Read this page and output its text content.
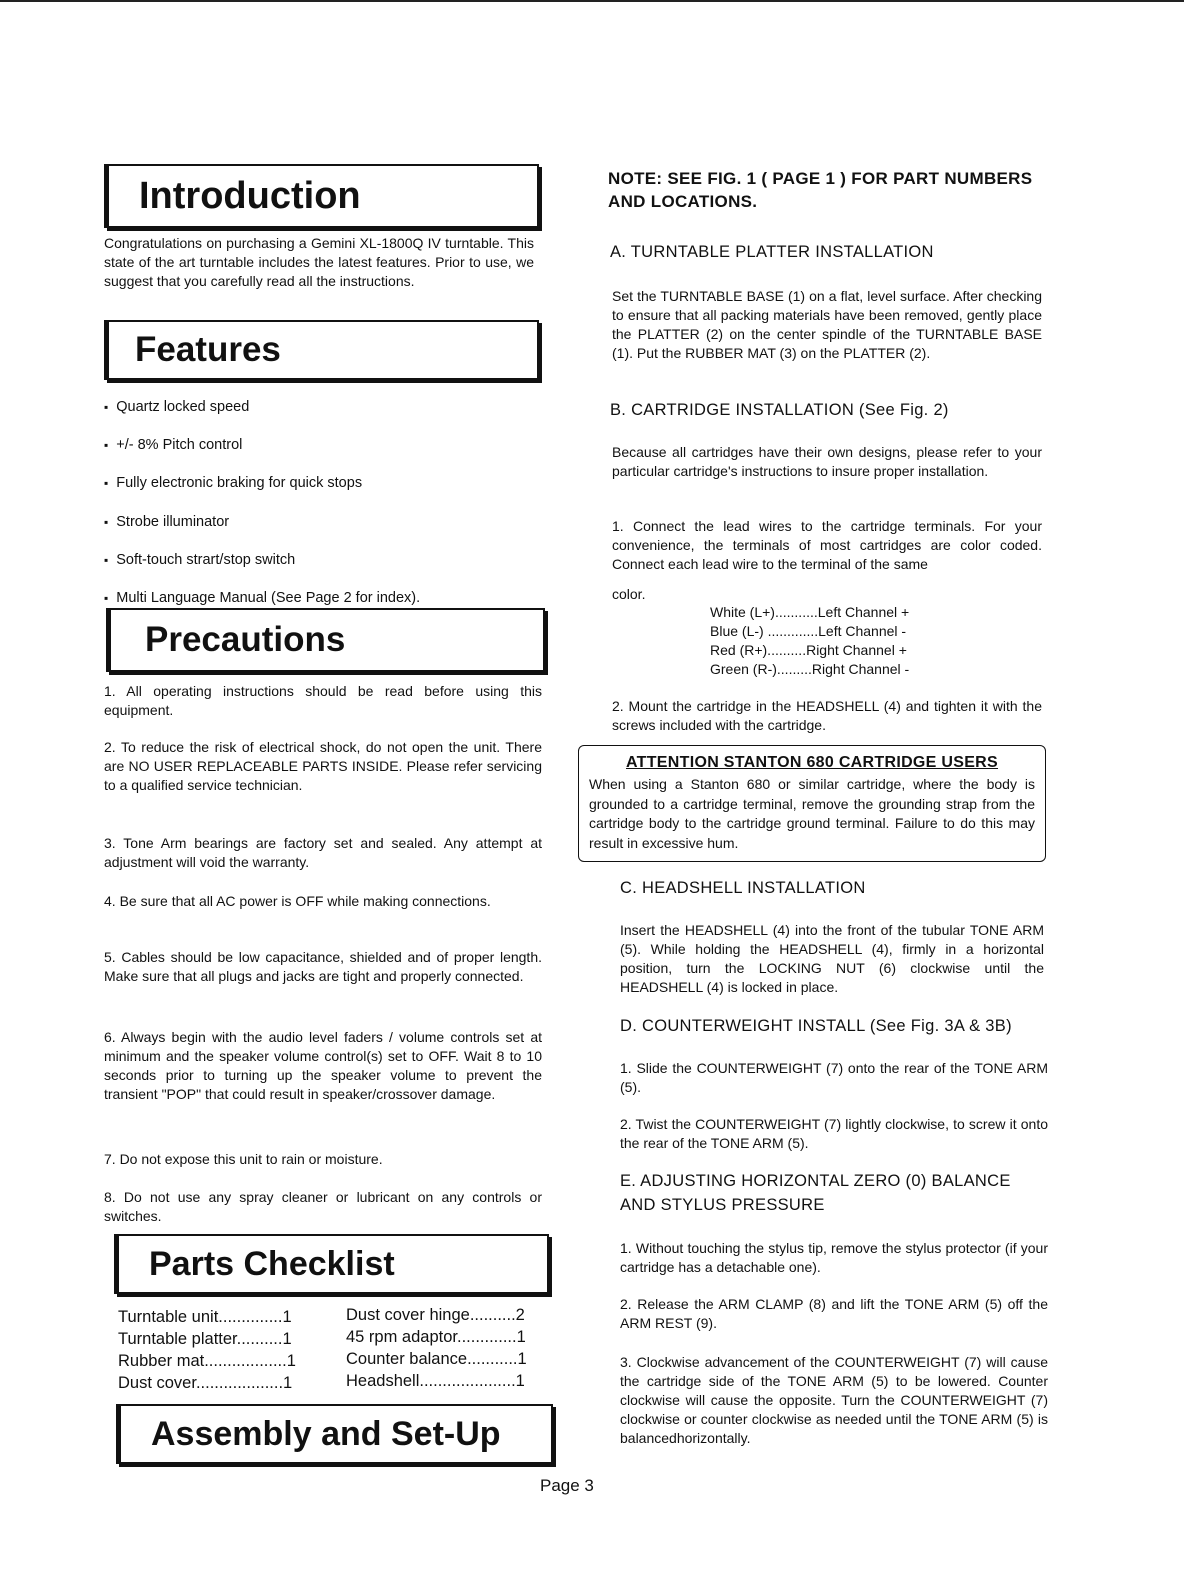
Introduction

Congratulations on purchasing a Gemini XL-1800Q IV turntable. This state of the art turntable includes the latest features. Prior to use, we suggest that you carefully read all the instructions.

Features
▪ Quartz locked speed
▪ +/- 8% Pitch control
▪ Fully electronic braking for quick stops
▪ Strobe illuminator
▪ Soft-touch strart/stop switch
▪ Multi Language Manual (See Page 2 for index).
Precautions

1. All operating instructions should be read before using this equipment.

2. To reduce the risk of electrical shock, do not open the unit. There are NO USER REPLACEABLE PARTS INSIDE. Please refer servicing to a qualified service technician.

3. Tone Arm bearings are factory set and sealed. Any attempt at adjustment will void the warranty.

4. Be sure that all AC power is OFF while making connections.

5. Cables should be low capacitance, shielded and of proper length. Make sure that all plugs and jacks are tight and properly connected.

6. Always begin with the audio level faders / volume controls set at minimum and the speaker volume control(s) set to OFF. Wait 8 to 10 seconds prior to turning up the speaker volume to prevent the transient "POP" that could result in speaker/crossover damage.

7. Do not expose this unit to rain or moisture.

8. Do not use any spray cleaner or lubricant on any controls or switches.

Parts Checklist
Turntable unit..............1
Turntable platter..........1
Rubber mat..................1
Dust cover...................1
Dust cover hinge..........2
45 rpm adaptor.............1
Counter balance...........1
Headshell.....................1
Assembly and Set-Up

NOTE: SEE FIG. 1 ( PAGE 1 ) FOR PART NUMBERS AND LOCATIONS.

A. TURNTABLE PLATTER INSTALLATION

Set the TURNTABLE BASE (1) on a flat, level surface. After checking to ensure that all packing materials have been removed, gently place the PLATTER (2) on the center spindle of the TURNTABLE BASE (1). Put the RUBBER MAT (3) on the PLATTER (2).

B. CARTRIDGE INSTALLATION (See Fig. 2)

Because all cartridges have their own designs, please refer to your particular cartridge's instructions to insure proper installation.

1. Connect the lead wires to the cartridge terminals. For your convenience, the terminals of most cartridges are color coded. Connect each lead wire to the terminal of the same

color.

White (L+)...........Left Channel +
Blue (L-) .............Left Channel -
Red (R+)..........Right Channel +
Green (R-).........Right Channel -

2. Mount the cartridge in the HEADSHELL (4) and tighten it with the screws included with the cartridge.

ATTENTION STANTON 680 CARTRIDGE USERS

When using a Stanton 680 or similar cartridge, where the body is grounded to a cartridge terminal, remove the grounding strap from the cartridge body to the cartridge ground terminal. Failure to do this may result in excessive hum.

C. HEADSHELL INSTALLATION

Insert the HEADSHELL (4) into the front of the tubular TONE ARM (5). While holding the HEADSHELL (4), firmly in a horizontal position, turn the LOCKING NUT (6) clockwise until the HEADSHELL (4) is locked in place.

D. COUNTERWEIGHT INSTALL (See Fig. 3A & 3B)

1. Slide the COUNTERWEIGHT (7) onto the rear of the TONE ARM (5).

2. Twist the COUNTERWEIGHT (7) lightly clockwise, to screw it onto the rear of the TONE ARM (5).

E. ADJUSTING HORIZONTAL ZERO (0) BALANCE AND STYLUS PRESSURE

1. Without touching the stylus tip, remove the stylus protector (if your cartridge has a detachable one).

2. Release the ARM CLAMP (8) and lift the TONE ARM (5) off the ARM REST (9).

3. Clockwise advancement of the COUNTERWEIGHT (7) will cause the cartridge side of the TONE ARM (5) to be lowered. Counter clockwise will cause the opposite. Turn the COUNTERWEIGHT (7) clockwise or counter clockwise as needed until the TONE ARM (5) is balancedhorizontally.

Page 3
